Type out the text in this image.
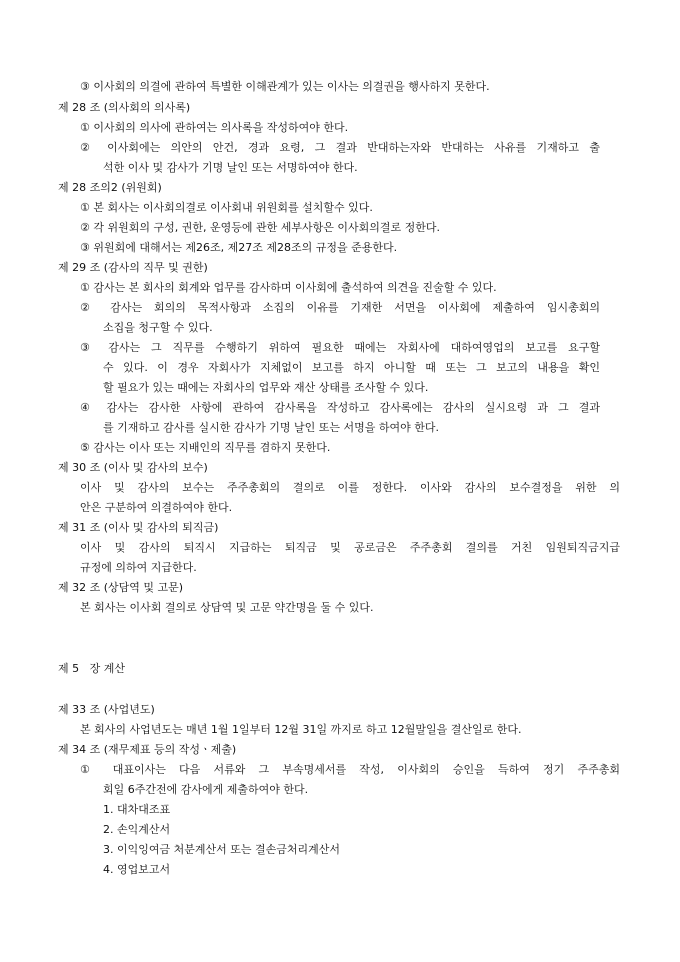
③ 이사회의 의결에 관하여 특별한 이해관계가 있는 이사는 의결권을 행사하지 못한다.
제 28 조 (의사회의 의사록)
① 이사회의 의사에 관하여는 의사록을 작성하여야 한다.
② 이사회에는 의안의 안건, 경과 요령, 그 결과 반대하는자와 반대하는 사유를 기재하고 출
석한 이사 및 감사가 기명 날인 또는 서명하여야 한다.
제 28 조의2 (위원회)
① 본 회사는 이사회의결로 이사회내 위원회를 설치할수 있다.
② 각 위원회의 구성, 권한, 운영등에 관한 세부사항은 이사회의결로 정한다.
③ 위원회에 대해서는 제26조, 제27조 제28조의 규정을 준용한다.
제 29 조 (감사의 직무 및 권한)
① 감사는 본 회사의 회계와 업무를 감사하며 이사회에 출석하여 의견을 진술할 수 있다.
② 감사는 회의의 목적사항과 소집의 이유를 기재한 서면을 이사회에 제출하여 임시총회의
소집을 청구할 수 있다.
③ 감사는 그 직무를 수행하기 위하여 필요한 때에는 자회사에 대하여영업의 보고를 요구할
수 있다. 이 경우 자회사가 지체없이 보고를 하지 아니할 때 또는 그 보고의 내용을 확인
할 필요가 있는 때에는 자회사의 업무와 재산 상태를 조사할 수 있다.
④ 감사는 감사한 사항에 관하여 감사록을 작성하고 감사록에는 감사의 실시요령 과 그 결과
를 기재하고 감사를 실시한 감사가 기명 날인 또는 서명을 하여야 한다.
⑤ 감사는 이사 또는 지배인의 직무를 겸하지 못한다.
제 30 조 (이사 및 감사의 보수)
이사 및 감사의 보수는 주주총회의 결의로 이를 정한다. 이사와 감사의 보수결정을 위한 의
안은 구분하여 의결하여야 한다.
제 31 조 (이사 및 감사의 퇴직금)
이사 및 감사의 퇴직시 지급하는 퇴직금 및 공로금은 주주총회 결의를 거친 임원퇴직금지급
규정에 의하여 지급한다.
제 32 조 (상담역 및 고문)
본 회사는 이사회 결의로 상담역 및 고문 약간명을 둘 수 있다.
제 5   장 계산
제 33 조 (사업년도)
본 회사의 사업년도는 매년 1월 1일부터 12월 31일 까지로 하고 12월말일을 결산일로 한다.
제 34 조 (재무제표 등의 작성ㆍ제출)
① 대표이사는 다음 서류와 그 부속명세서를 작성, 이사회의 승인을 득하여 정기 주주총회
회일 6주간전에 감사에게 제출하여야 한다.
1. 대차대조표
2. 손익계산서
3. 이익잉여금 처분계산서 또는 결손금처리계산서
4. 영업보고서
